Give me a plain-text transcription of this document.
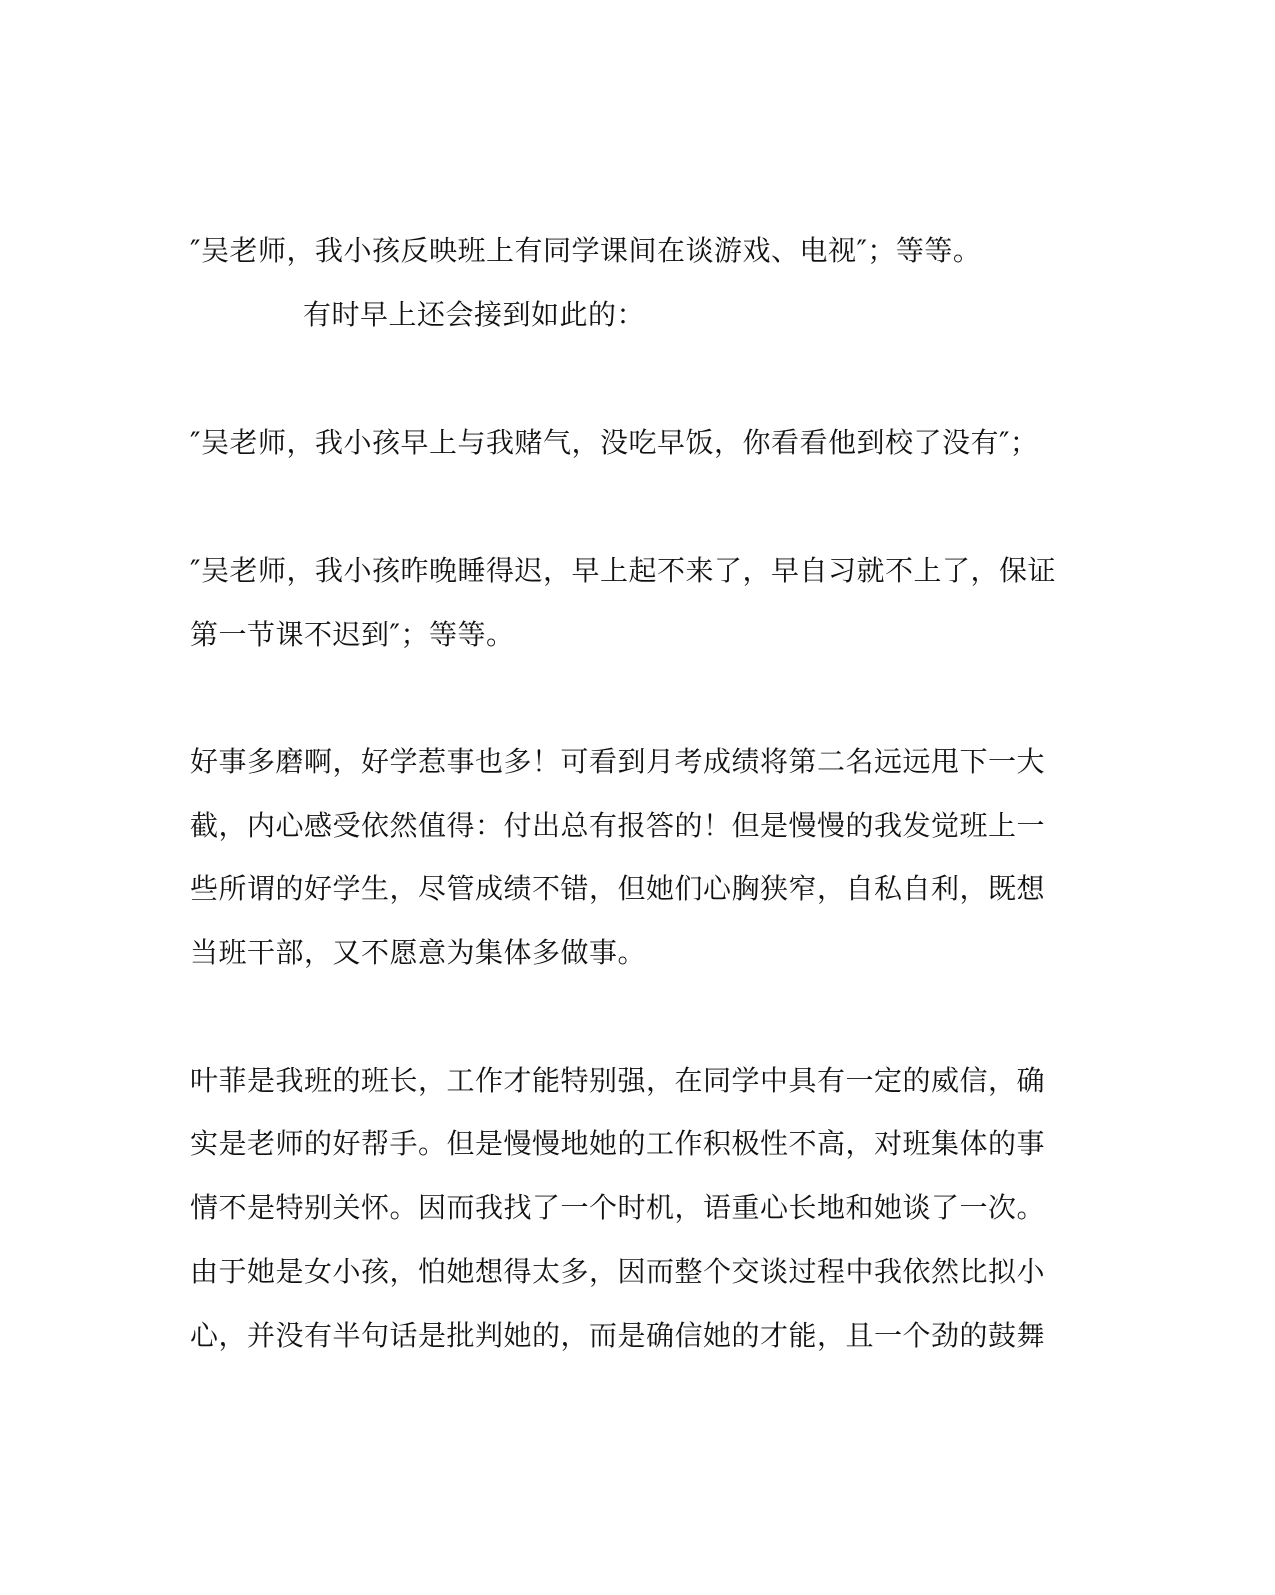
″吴老师，我小孩反映班上有同学课间在谈游戏、电视″；等等。
有时早上还会接到如此的：
″吴老师，我小孩早上与我赌气，没吃早饭，你看看他到校了没有″；
″吴老师，我小孩昨晚睡得迟，早上起不来了，早自习就不上了，保证
第一节课不迟到″；等等。
好事多磨啊，好学惹事也多！可看到月考成绩将第二名远远甩下一大
截，内心感受依然值得：付出总有报答的！但是慢慢的我发觉班上一
些所谓的好学生，尽管成绩不错，但她们心胸狭窄，自私自利，既想
当班干部，又不愿意为集体多做事。
叶菲是我班的班长，工作才能特别强，在同学中具有一定的威信，确
实是老师的好帮手。但是慢慢地她的工作积极性不高，对班集体的事
情不是特别关怀。因而我找了一个时机，语重心长地和她谈了一次。
由于她是女小孩，怕她想得太多，因而整个交谈过程中我依然比拟小
心，并没有半句话是批判她的，而是确信她的才能，且一个劲的鼓舞
